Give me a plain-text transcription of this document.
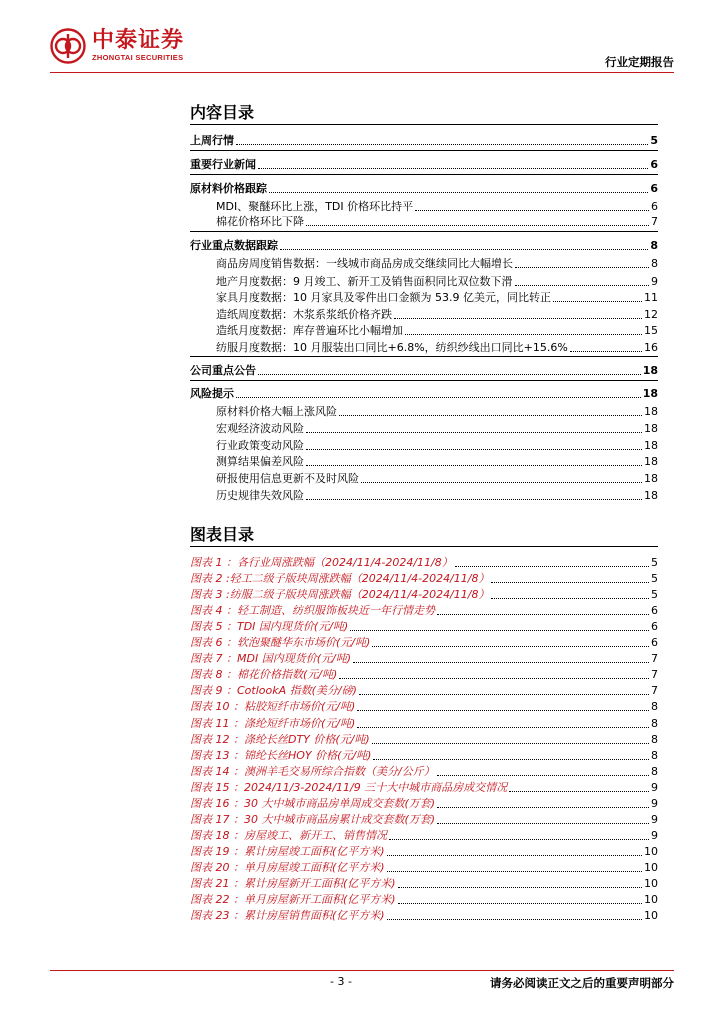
中泰证券
ZHONGTAI SECURITIES	行业定期报告
内容目录
上周行情	5
重要行业新闻	6
原材料价格跟踪	6
MDI、聚醚环比上涨，TDI 价格环比持平	6
棉花价格环比下降	7
行业重点数据跟踪	8
商品房周度销售数据：一线城市商品房成交继续同比大幅增长	8
地产月度数据：9 月竣工、新开工及销售面积同比双位数下滑	9
家具月度数据：10 月家具及零件出口金额为 53.9 亿美元，同比转正	11
造纸周度数据：木浆系浆纸价格齐跌	12
造纸月度数据：库存普遍环比小幅增加	15
纺服月度数据：10 月服装出口同比+6.8%，纺织纱线出口同比+15.6%	16
公司重点公告	18
风险提示	18
原材料价格大幅上涨风险	18
宏观经济波动风险	18
行业政策变动风险	18
测算结果偏差风险	18
研报使用信息更新不及时风险	18
历史规律失效风险	18
图表目录
图表 1 ：各行业周涨跌幅（2024/11/4-2024/11/8）	5
图表 2 :轻工二级子版块周涨跌幅（2024/11/4-2024/11/8）	5
图表 3 :纺服二级子版块周涨跌幅（2024/11/4-2024/11/8）	5
图表 4 ：轻工制造、纺织服饰板块近一年行情走势	6
图表 5 ：TDI 国内现货价(元/吨)	6
图表 6 ：软泡聚醚华东市场价(元/吨)	6
图表 7 ：MDI 国内现货价(元/吨)	7
图表 8 ：棉花价格指数(元/吨)	7
图表 9 ：CotlookA 指数(美分/磅)	7
图表 10 ：粘胶短纤市场价(元/吨)	8
图表 11 ：涤纶短纤市场价(元/吨)	8
图表 12 ：涤纶长丝DTY 价格(元/吨)	8
图表 13 ：锦纶长丝HOY 价格(元/吨)	8
图表 14 ：澳洲羊毛交易所综合指数（美分/公斤）	8
图表 15 ：2024/11/3-2024/11/9 三十大中城市商品房成交情况	9
图表 16 ：30 大中城市商品房单周成交套数(万套)	9
图表 17 ：30 大中城市商品房累计成交套数(万套)	9
图表 18 ：房屋竣工、新开工、销售情况	9
图表 19 ：累计房屋竣工面积(亿平方米)	10
图表 20 ：单月房屋竣工面积(亿平方米)	10
图表 21 ：累计房屋新开工面积(亿平方米)	10
图表 22 ：单月房屋新开工面积(亿平方米)	10
图表 23 ：累计房屋销售面积(亿平方米)	10
- 3 -	请务必阅读正文之后的重要声明部分
